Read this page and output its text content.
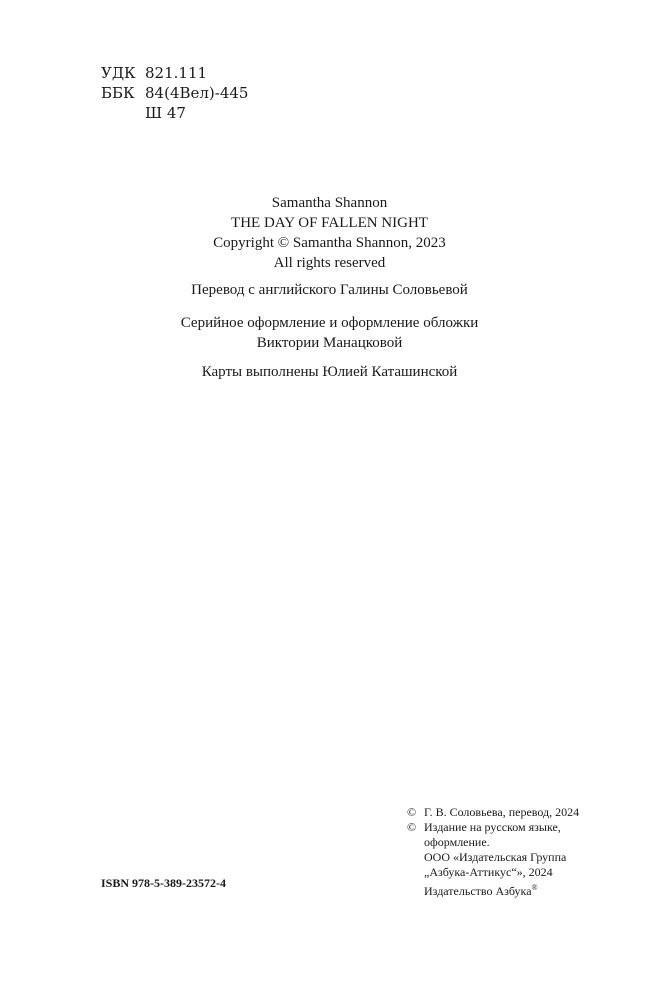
УДК 821.111
ББК 84(4Вел)-445
Ш 47
Samantha Shannon
THE DAY OF FALLEN NIGHT
Copyright © Samantha Shannon, 2023
All rights reserved
Перевод с английского Галины Соловьевой
Серийное оформление и оформление обложки
Виктории Манацковой
Карты выполнены Юлией Каташинской
© Г. В. Соловьева, перевод, 2024
© Издание на русском языке,
оформление.
ООО «Издательская Группа
„Азбука-Аттикус“», 2024
Издательство Азбука®
ISBN 978-5-389-23572-4
